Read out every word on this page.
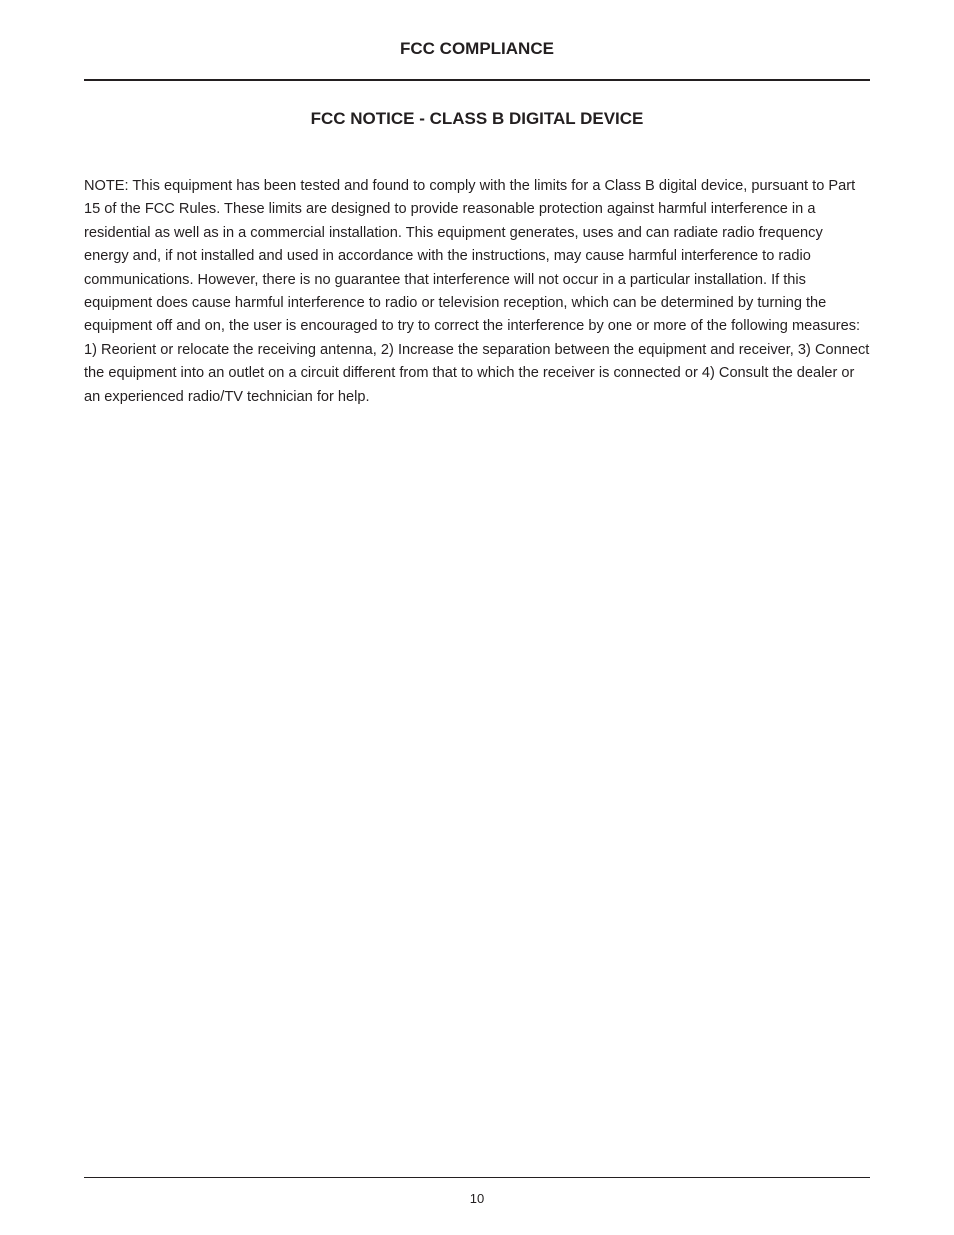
FCC COMPLIANCE
FCC NOTICE - CLASS B DIGITAL DEVICE

NOTE: This equipment has been tested and found to comply with the limits for a Class B digital device, pursuant to Part 15 of the FCC Rules. These limits are designed to provide reasonable protection against harmful interference in a residential as well as in a commercial installation. This equipment generates, uses and can radiate radio frequency energy and, if not installed and used in accordance with the instructions, may cause harmful interference to radio communications. However, there is no guarantee that interference will not occur in a particular installation. If this equipment does cause harmful interference to radio or television reception, which can be determined by turning the equipment off and on, the user is encouraged to try to correct the interference by one or more of the following measures: 1) Reorient or relocate the receiving antenna, 2) Increase the separation between the equipment and receiver, 3) Connect the equipment into an outlet on a circuit different from that to which the receiver is connected or 4) Consult the dealer or an experienced radio/TV technician for help.

10
